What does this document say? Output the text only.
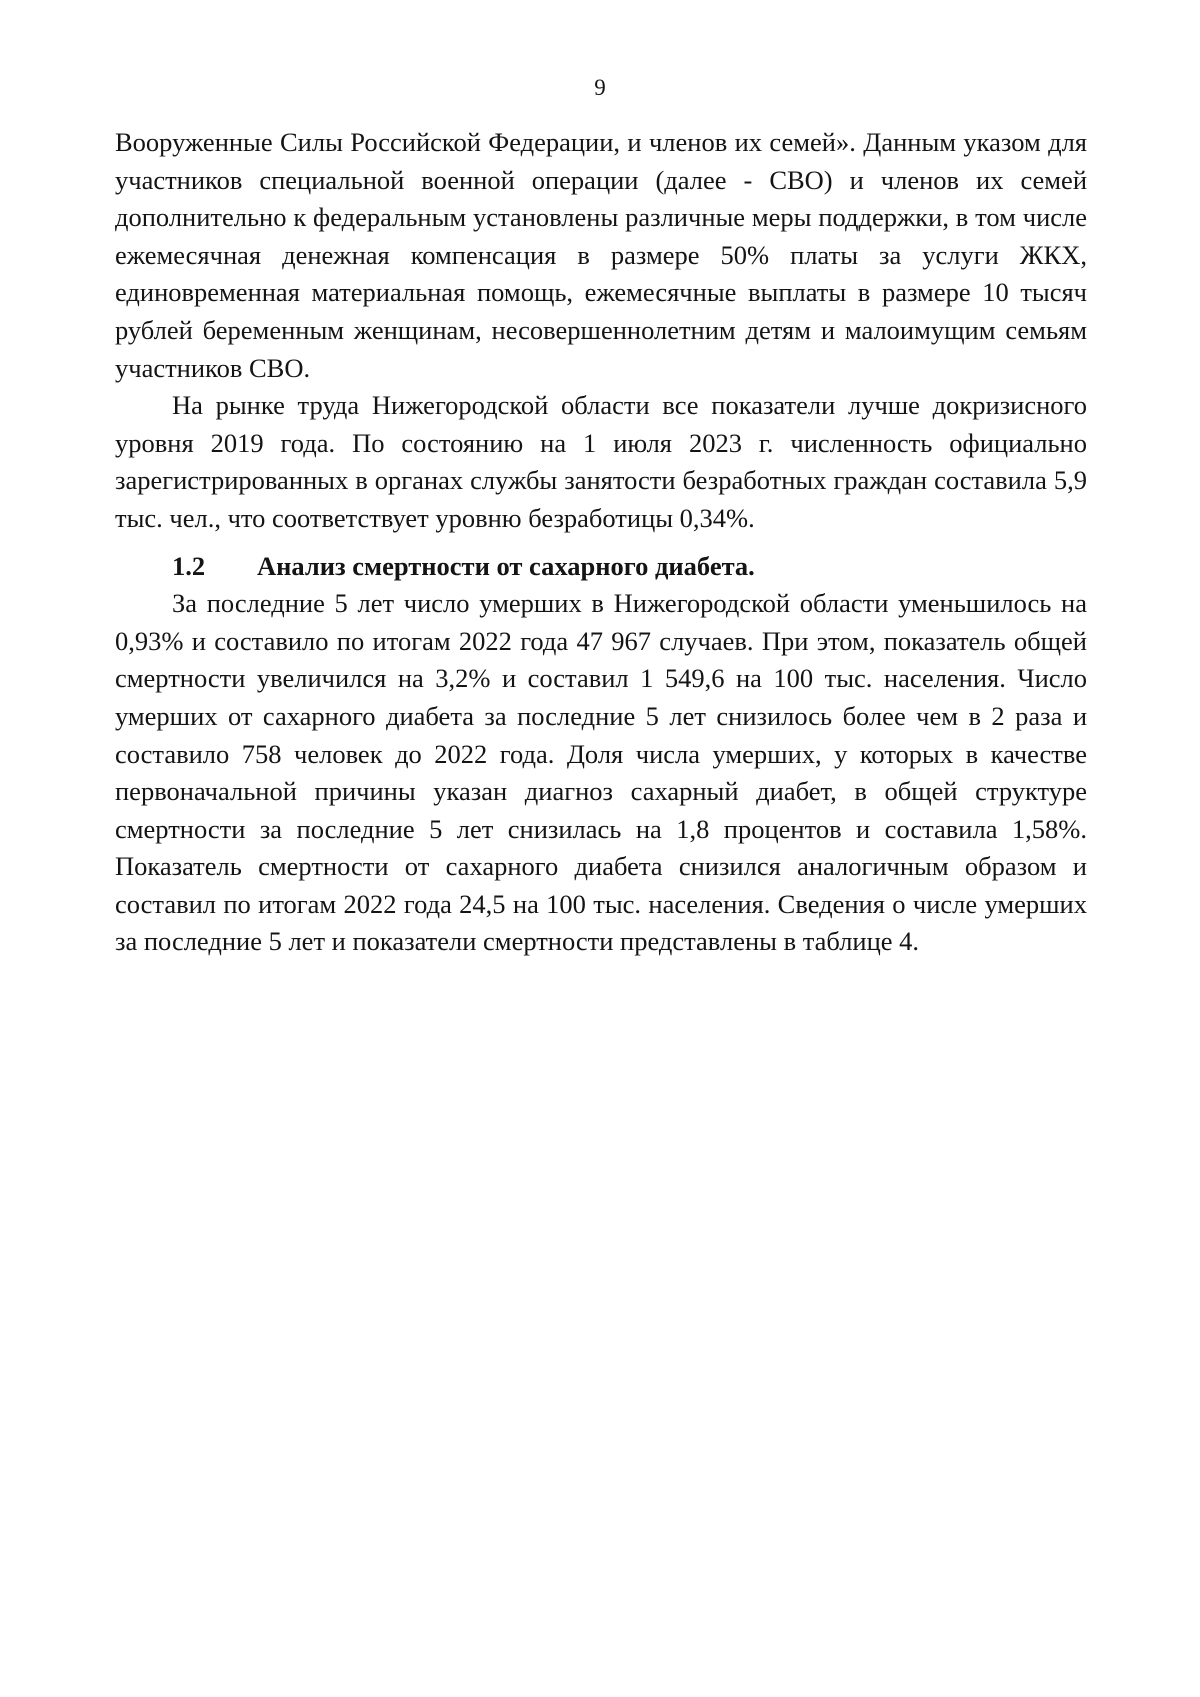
9

Вооруженные Силы Российской Федерации, и членов их семей». Данным указом для участников специальной военной операции (далее - СВО) и членов их семей дополнительно к федеральным установлены различные меры поддержки, в том числе ежемесячная денежная компенсация в размере 50% платы за услуги ЖКХ, единовременная материальная помощь, ежемесячные выплаты в размере 10 тысяч рублей беременным женщинам, несовершеннолетним детям и малоимущим семьям участников СВО.

На рынке труда Нижегородской области все показатели лучше докризисного уровня 2019 года. По состоянию на 1 июля 2023 г. численность официально зарегистрированных в органах службы занятости безработных граждан составила 5,9 тыс. чел., что соответствует уровню безработицы 0,34%.

1.2 Анализ смертности от сахарного диабета.

За последние 5 лет число умерших в Нижегородской области уменьшилось на 0,93% и составило по итогам 2022 года 47 967 случаев. При этом, показатель общей смертности увеличился на 3,2% и составил 1 549,6 на 100 тыс. населения. Число умерших от сахарного диабета за последние 5 лет снизилось более чем в 2 раза и составило 758 человек до 2022 года. Доля числа умерших, у которых в качестве первоначальной причины указан диагноз сахарный диабет, в общей структуре смертности за последние 5 лет снизилась на 1,8 процентов и составила 1,58%. Показатель смертности от сахарного диабета снизился аналогичным образом и составил по итогам 2022 года 24,5 на 100 тыс. населения. Сведения о числе умерших за последние 5 лет и показатели смертности представлены в таблице 4.
